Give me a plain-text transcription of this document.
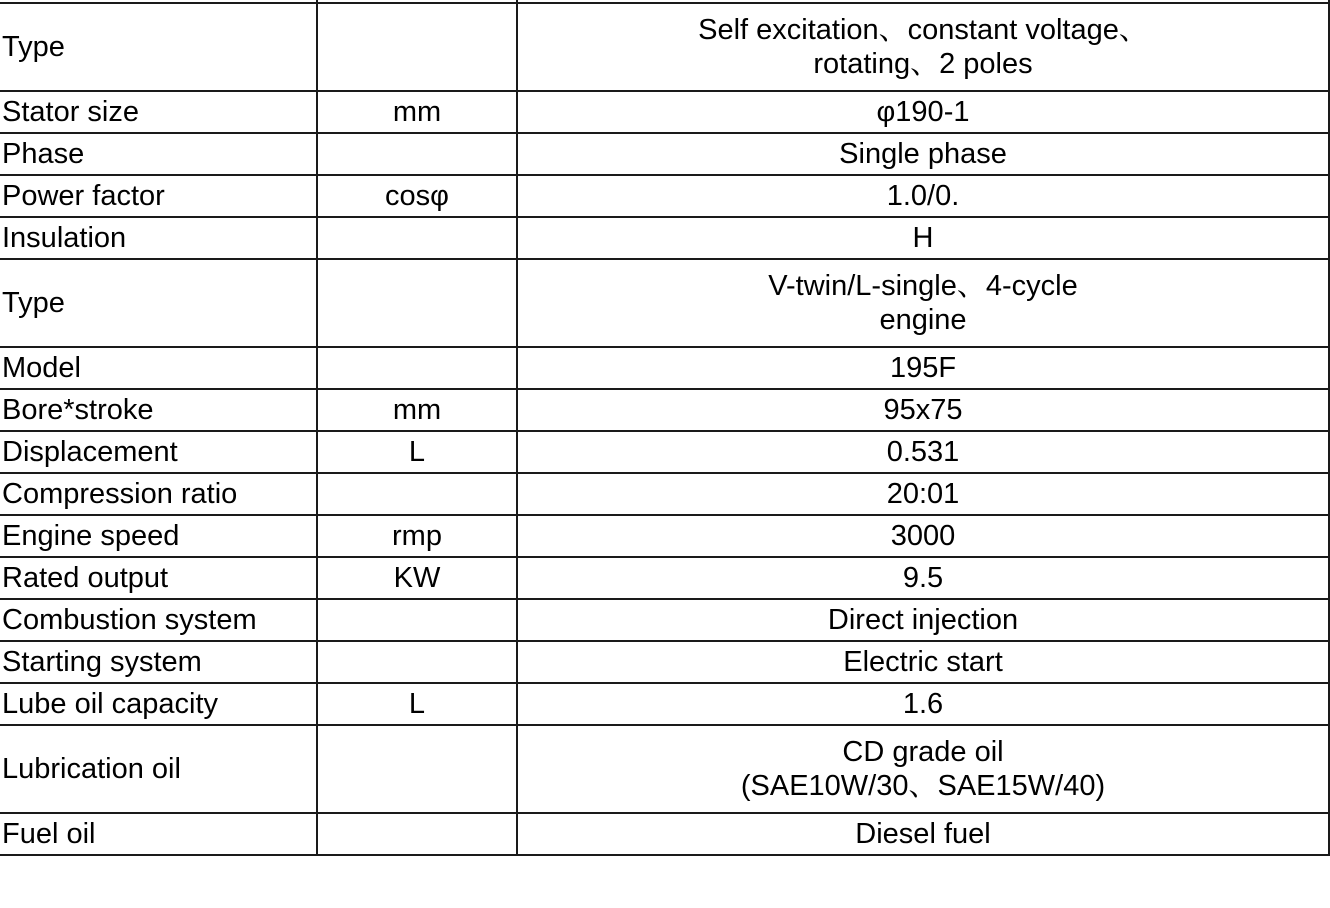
Type		Self excitation、constant voltage、
rotating、2 poles

Stator size	mm	φ190-1

Phase		Single phase

Power factor	cosφ	1.0/0.

Insulation		H

Type		V-twin/L-single、4-cycle
engine

Model		195F

Bore*stroke	mm	95x75

Displacement	L	0.531

Compression ratio		20:01

Engine speed	rmp	3000

Rated output	KW	9.5

Combustion system		Direct injection

Starting system		Electric start

Lube oil capacity	L	1.6

Lubrication oil		CD grade oil
(SAE10W/30、SAE15W/40)

Fuel oil		Diesel fuel
